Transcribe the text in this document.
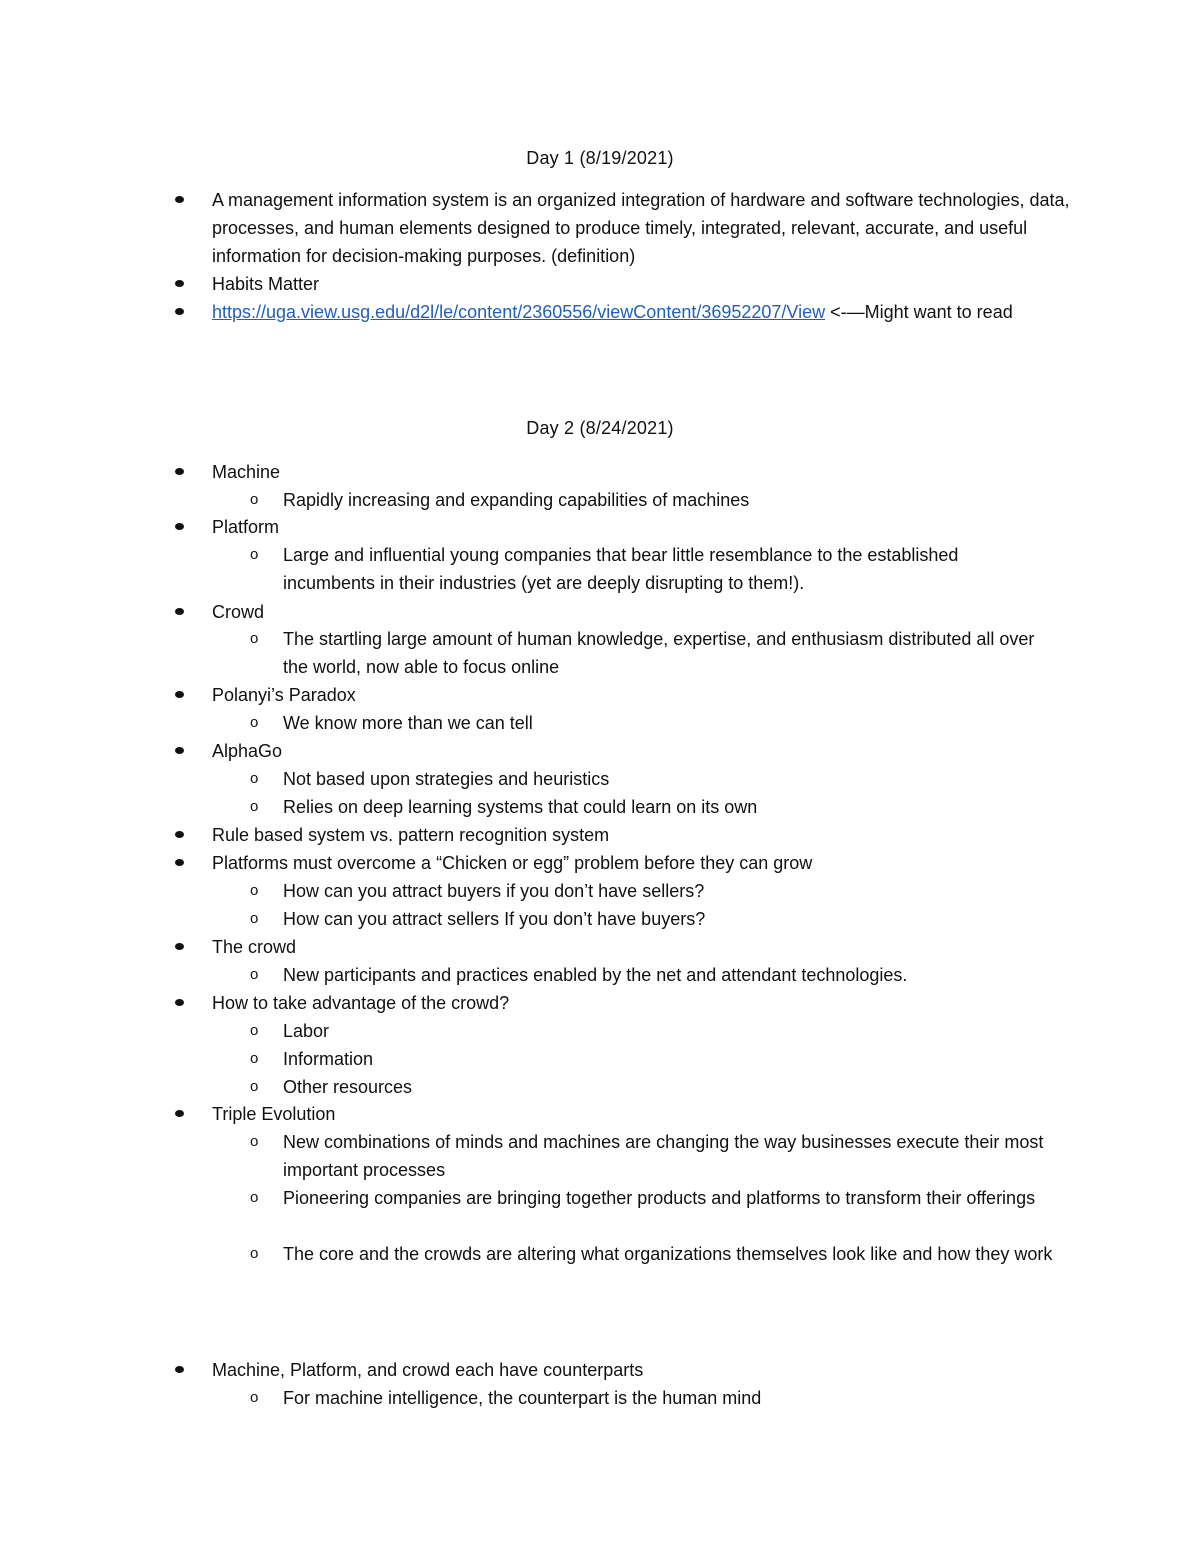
Day 1 (8/19/2021)
A management information system is an organized integration of hardware and software technologies, data, processes, and human elements designed to produce timely, integrated, relevant, accurate, and useful information for decision-making purposes. (definition)
Habits Matter
https://uga.view.usg.edu/d2l/le/content/2360556/viewContent/36952207/View <-—Might want to read
Day 2 (8/24/2021)
Machine
o Rapidly increasing and expanding capabilities of machines
Platform
o Large and influential young companies that bear little resemblance to the established incumbents in their industries (yet are deeply disrupting to them!).
Crowd
o The startling large amount of human knowledge, expertise, and enthusiasm distributed all over the world, now able to focus online
Polanyi’s Paradox
o We know more than we can tell
AlphaGo
o Not based upon strategies and heuristics
o Relies on deep learning systems that could learn on its own
Rule based system vs. pattern recognition system
Platforms must overcome a “Chicken or egg” problem before they can grow
o How can you attract buyers if you don’t have sellers?
o How can you attract sellers If you don’t have buyers?
The crowd
o New participants and practices enabled by the net and attendant technologies.
How to take advantage of the crowd?
o Labor
o Information
o Other resources
Triple Evolution
o New combinations of minds and machines are changing the way businesses execute their most important processes
o Pioneering companies are bringing together products and platforms to transform their offerings
o The core and the crowds are altering what organizations themselves look like and how they work
Machine, Platform, and crowd each have counterparts
o For machine intelligence, the counterpart is the human mind
